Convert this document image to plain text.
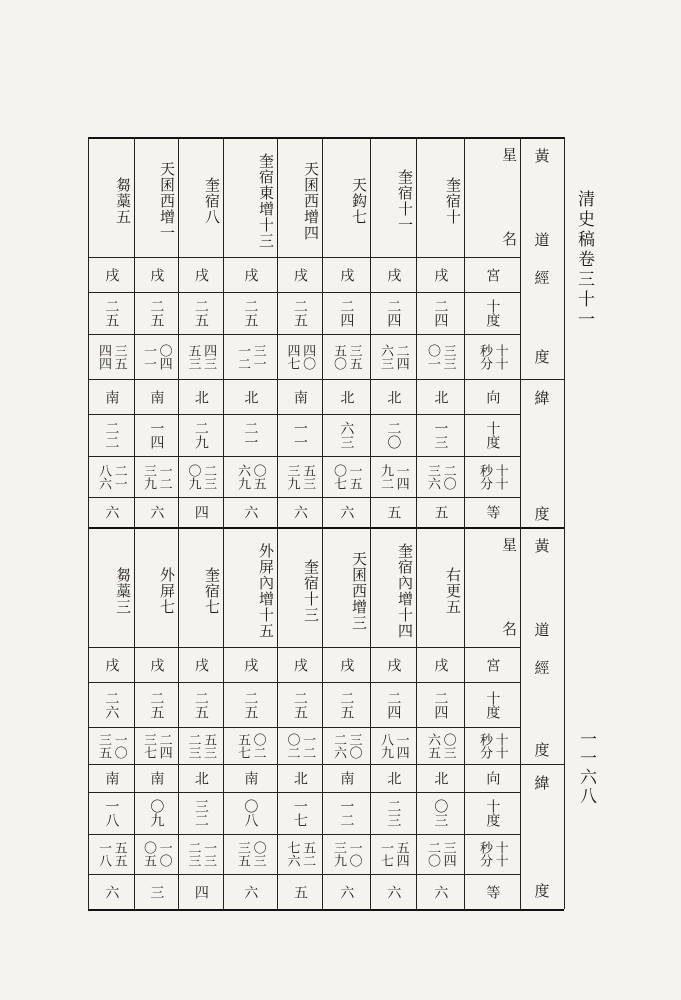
清史稿卷三十一
一一六八
奎宿十
戌
二四
三三
〇一
北
一三
二〇
三六
五
奎宿十一
戌
二四
二四
六三
北
二〇
一四
九二
五
天鈎七
戌
二四
三五
五〇
北
六三
一五
〇七
六
天囷西增四
戌
二五
四〇
四七
南
一一
五三
三九
六
奎宿東增十三
戌
二五
三一
一二
北
二一
〇五
六九
六
奎宿八
戌
二五
四三
五三
北
二九
二三
〇九
四
天囷西增一
戌
二五
〇四
一一
南
一四
一二
三九
六
芻藁五
戌
二五
三五
四四
南
二二
二一
八六
六
右更五
戌
二四
〇三
六五
北
〇三
三四
二〇
六
奎宿內增十四
戌
二四
一四
八九
北
二三
五四
一七
六
天囷西增三
戌
二五
三〇
二六
南
一二
一〇
三九
六
奎宿十三
戌
二五
一二
〇二
北
一七
五二
七六
五
外屏內增十五
戌
二五
〇二
五七
南
〇八
〇三
三五
六
奎宿七
戌
二五
五三
二三
北
三二
一三
二三
四
外屏七
戌
二五
二四
三七
南
〇九
一〇
〇五
三
芻藁三
戌
二六
一〇
三五
南
一八
五五
一八
六
星
名
宮
十度
十十
秒分
向
十度
十十
秒分
等
星
名
宮
十度
十十
秒分
向
十度
十十
秒分
等
黃
道
經
度
緯
度
黃
道
經
度
緯
度
